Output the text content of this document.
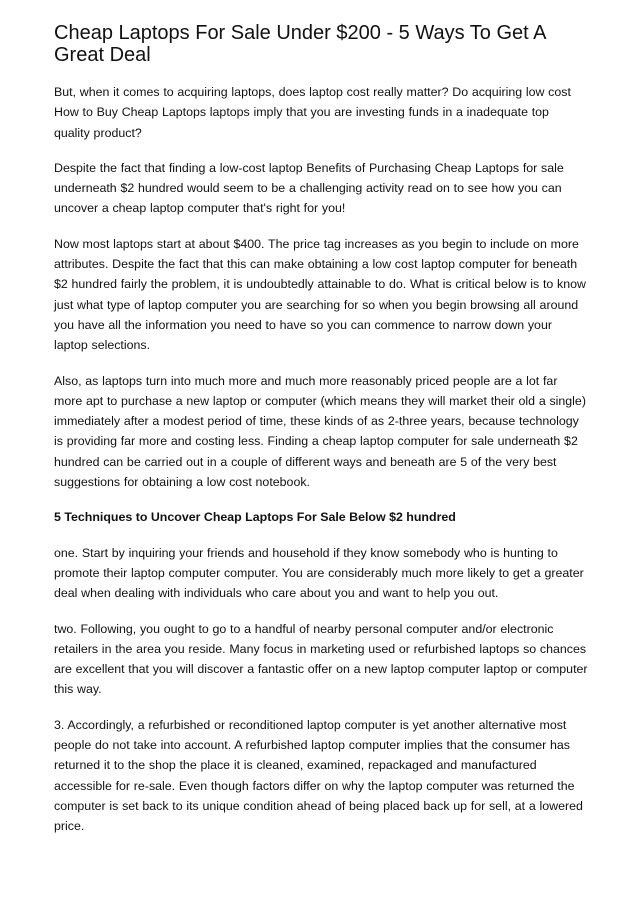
Cheap Laptops For Sale Under $200 - 5 Ways To Get A Great Deal

But, when it comes to acquiring laptops, does laptop cost really matter? Do acquiring low cost How to Buy Cheap Laptops laptops imply that you are investing funds in a inadequate top quality product?

Despite the fact that finding a low-cost laptop Benefits of Purchasing Cheap Laptops for sale underneath $2 hundred would seem to be a challenging activity read on to see how you can uncover a cheap laptop computer that's right for you!

Now most laptops start at about $400. The price tag increases as you begin to include on more attributes. Despite the fact that this can make obtaining a low cost laptop computer for beneath $2 hundred fairly the problem, it is undoubtedly attainable to do. What is critical below is to know just what type of laptop computer you are searching for so when you begin browsing all around you have all the information you need to have so you can commence to narrow down your laptop selections.

Also, as laptops turn into much more and much more reasonably priced people are a lot far more apt to purchase a new laptop or computer (which means they will market their old a single) immediately after a modest period of time, these kinds of as 2-three years, because technology is providing far more and costing less. Finding a cheap laptop computer for sale underneath $2 hundred can be carried out in a couple of different ways and beneath are 5 of the very best suggestions for obtaining a low cost notebook.

5 Techniques to Uncover Cheap Laptops For Sale Below $2 hundred

one. Start by inquiring your friends and household if they know somebody who is hunting to promote their laptop computer computer. You are considerably much more likely to get a greater deal when dealing with individuals who care about you and want to help you out.

two. Following, you ought to go to a handful of nearby personal computer and/or electronic retailers in the area you reside. Many focus in marketing used or refurbished laptops so chances are excellent that you will discover a fantastic offer on a new laptop computer laptop or computer this way.

3. Accordingly, a refurbished or reconditioned laptop computer is yet another alternative most people do not take into account. A refurbished laptop computer implies that the consumer has returned it to the shop the place it is cleaned, examined, repackaged and manufactured accessible for re-sale. Even though factors differ on why the laptop computer was returned the computer is set back to its unique condition ahead of being placed back up for sell, at a lowered price.
